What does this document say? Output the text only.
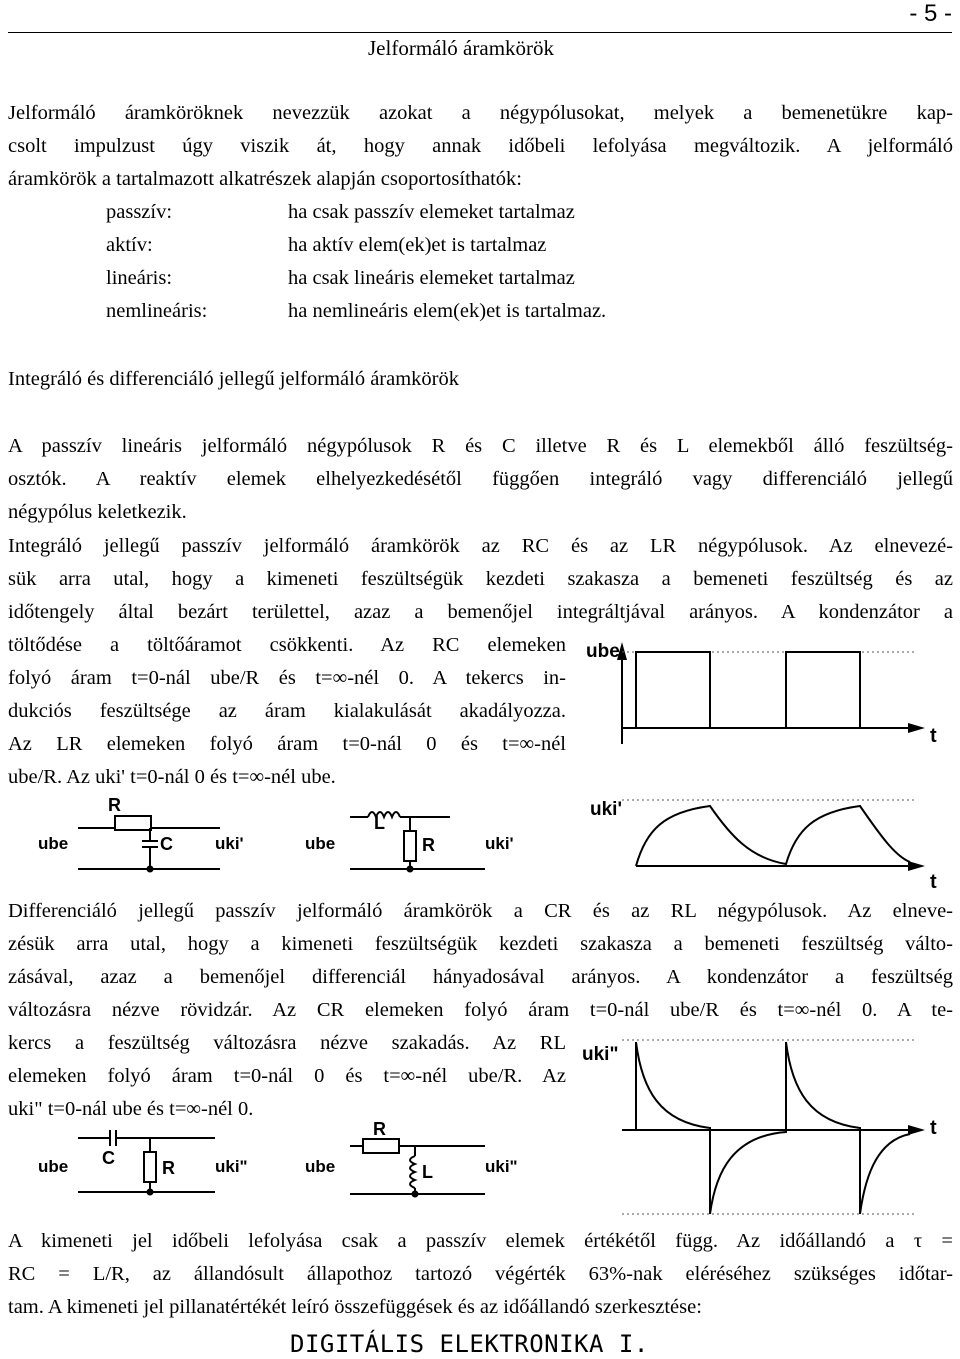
- 5 -
Jelformáló áramkörök
Jelformáló áramköröknek nevezzük azokat a négypólusokat, melyek a bemenetükre kap-
csolt impulzust úgy viszik át, hogy annak időbeli lefolyása megváltozik. A jelformáló
áramkörök a tartalmazott alkatrészek alapján csoportosíthatók:
passzív:	ha csak passzív elemeket tartalmaz
aktív:	ha aktív elem(ek)et is tartalmaz
lineáris:	ha csak lineáris elemeket tartalmaz
nemlineáris:	ha nemlineáris elem(ek)et is tartalmaz.
Integráló és differenciáló jellegű jelformáló áramkörök
A passzív lineáris jelformáló négypólusok R és C illetve R és L elemekből álló feszültség-
osztók. A reaktív elemek elhelyezkedésétől függően integráló vagy differenciáló jellegű
négypólus keletkezik.
Integráló jellegű passzív jelformáló áramkörök az RC és az LR négypólusok. Az elnevezé-
sük arra utal, hogy a kimeneti feszültségük kezdeti szakasza a bemeneti feszültség és az
időtengely által bezárt területtel, azaz a bemenőjel integráltjával arányos. A kondenzátor a
töltődése a töltőáramot csökkenti. Az RC elemeken
folyó áram t=0-nál ube/R és t=∞-nél 0. A tekercs in-
dukciós feszültsége az áram kialakulását akadályozza.
Az LR elemeken folyó áram t=0-nál 0 és t=∞-nél
ube/R. Az uki' t=0-nál 0 és t=∞-nél ube.
ube
t
uki'
t
ube
R
C uki'	ube
L
R	uki'
Differenciáló jellegű passzív jelformáló áramkörök a CR és az RL négypólusok. Az elneve-
zésük arra utal, hogy a kimeneti feszültségük kezdeti szakasza a bemeneti feszültség válto-
zásával, azaz a bemenőjel differenciál hányadosával arányos. A kondenzátor a feszültség
változásra nézve rövidzár. Az CR elemeken folyó áram t=0-nál ube/R és t=∞-nél 0. A te-
kercs a feszültség változásra nézve szakadás. Az RL
elemeken folyó áram t=0-nál 0 és t=∞-nél ube/R. Az
uki" t=0-nál ube és t=∞-nél 0.
uki"
t
ube C	R uki"	ube
R
L	uki"
A kimeneti jel időbeli lefolyása csak a passzív elemek értékétől függ. Az időállandó a τ =
RC = L/R, az állandósult állapothoz tartozó végérték 63%-nak eléréséhez szükséges időtar-
tam. A kimeneti jel pillanatértékét leíró összefüggések és az időállandó szerkesztése:
DIGITÁLIS ELEKTRONIKA I.
